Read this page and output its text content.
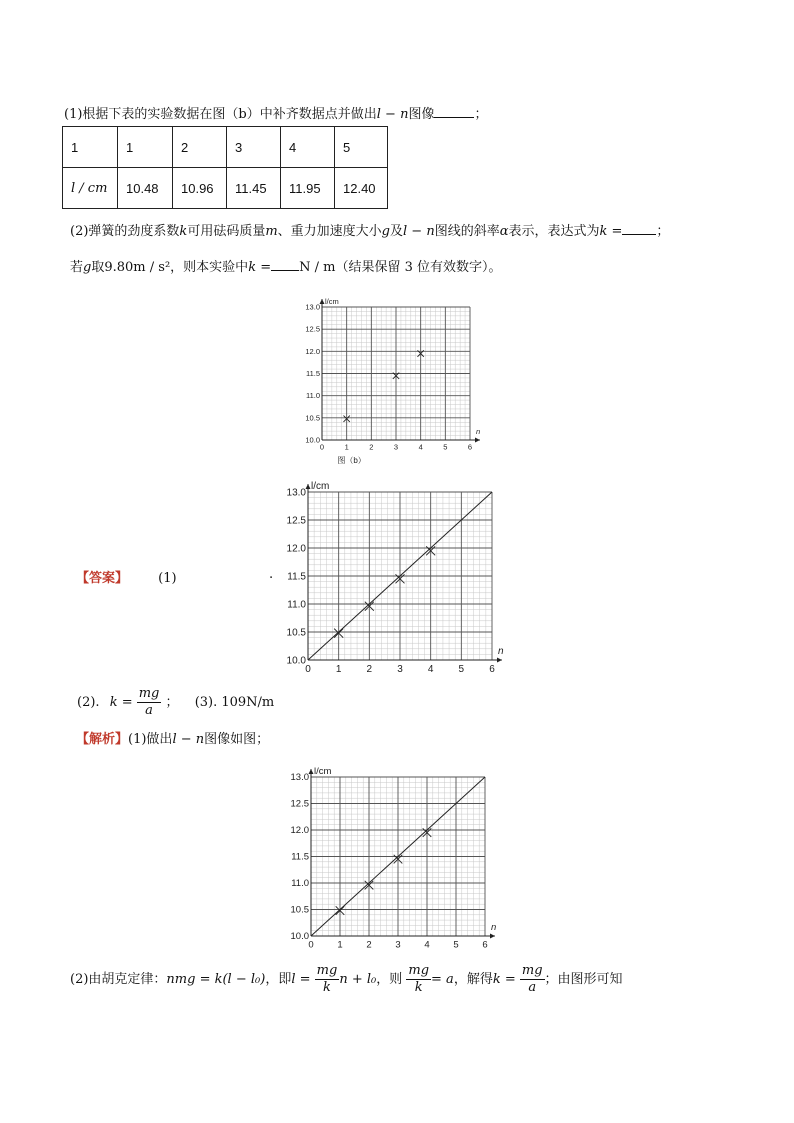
(1)根据下表的实验数据在图（b）中补齐数据点并做出l − n图像	；
1	1	2	3	4	5
l / cm	10.48	10.96	11.45	11.95	12.40
(2)弹簧的劲度系数k可用砝码质量m、重力加速度大小g及l − n图线的斜率α表示，表达式为k =	；
若g取9.80m / s²，则本实验中k = N / m（结果保留 3 位有效数字）。
0	1	2	3	4	5	6
10.0
10.5
11.0
11.5
12.0
12.5
13.0
n
l/cm
图（b）
【答案】 (1)	.
0	1	2	3	4	5	6
10.0
10.5
11.0
11.5
12.0
12.5
13.0
n
l/cm
(2). $k = \frac{mg}{a}$ ； (3). 109N/m
【解析】(1)做出l − n图像如图；
0 1 2 3 4 5 6
10.0
10.5
11.0
11.5
12.0
12.5
13.0
n
l/cm
(2)由胡克定律：nmg = k(l − l₀)，即$l = \frac{mg}{k}$ n + l₀，则 $\frac{mg}{k} = a$，解得$k = \frac{mg}{a}$ ；由图形可知
